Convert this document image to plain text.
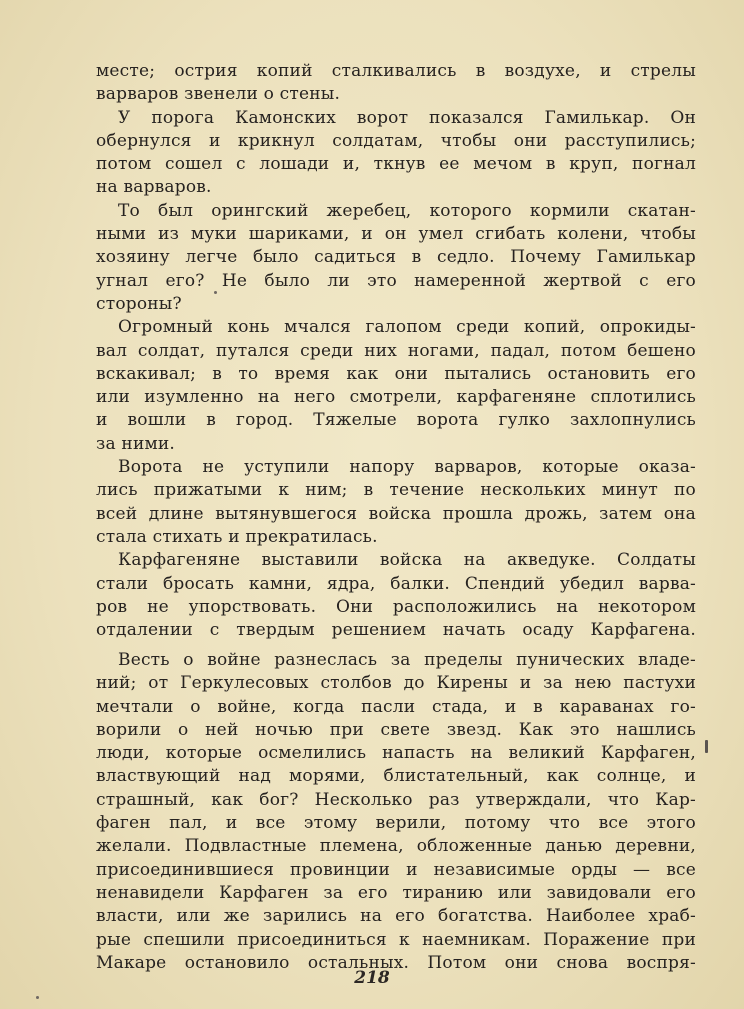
месте; острия копий сталкивались в воздухе, и стрелы
варваров звенели о стены.
У порога Камонских ворот показался Гамилькар. Он
обернулся и крикнул солдатам, чтобы они расступились;
потом сошел с лошади и, ткнув ее мечом в круп, погнал
на варваров.
То был орингский жеребец, которого кормили скатан-
ными из муки шариками, и он умел сгибать колени, чтобы
хозяину легче было садиться в седло. Почему Гамилькар
угнал его? Не было ли это намеренной жертвой с его
стороны?
Огромный конь мчался галопом среди копий, опрокиды-
вал солдат, путался среди них ногами, падал, потом бешено
вскакивал; в то время как они пытались остановить его
или изумленно на него смотрели, карфагеняне сплотились
и вошли в город. Тяжелые ворота гулко захлопнулись
за ними.
Ворота не уступили напору варваров, которые оказа-
лись прижатыми к ним; в течение нескольких минут по
всей длине вытянувшегося войска прошла дрожь, затем она
стала стихать и прекратилась.
Карфагеняне выставили войска на акведуке. Солдаты
стали бросать камни, ядра, балки. Спендий убедил варва-
ров не упорствовать. Они расположились на некотором
отдалении с твердым решением начать осаду Карфагена.
Весть о войне разнеслась за пределы пунических владе-
ний; от Геркулесовых столбов до Кирены и за нею пастухи
мечтали о войне, когда пасли стада, и в караванах го-
ворили о ней ночью при свете звезд. Как это нашлись
люди, которые осмелились напасть на великий Карфаген,
властвующий над морями, блистательный, как солнце, и
страшный, как бог? Несколько раз утверждали, что Кар-
фаген пал, и все этому верили, потому что все этого
желали. Подвластные племена, обложенные данью деревни,
присоединившиеся провинции и независимые орды — все
ненавидели Карфаген за его тиранию или завидовали его
власти, или же зарились на его богатства. Наиболее храб-
рые спешили присоединиться к наемникам. Поражение при
Макаре остановило остальных. Потом они снова воспря-
218
